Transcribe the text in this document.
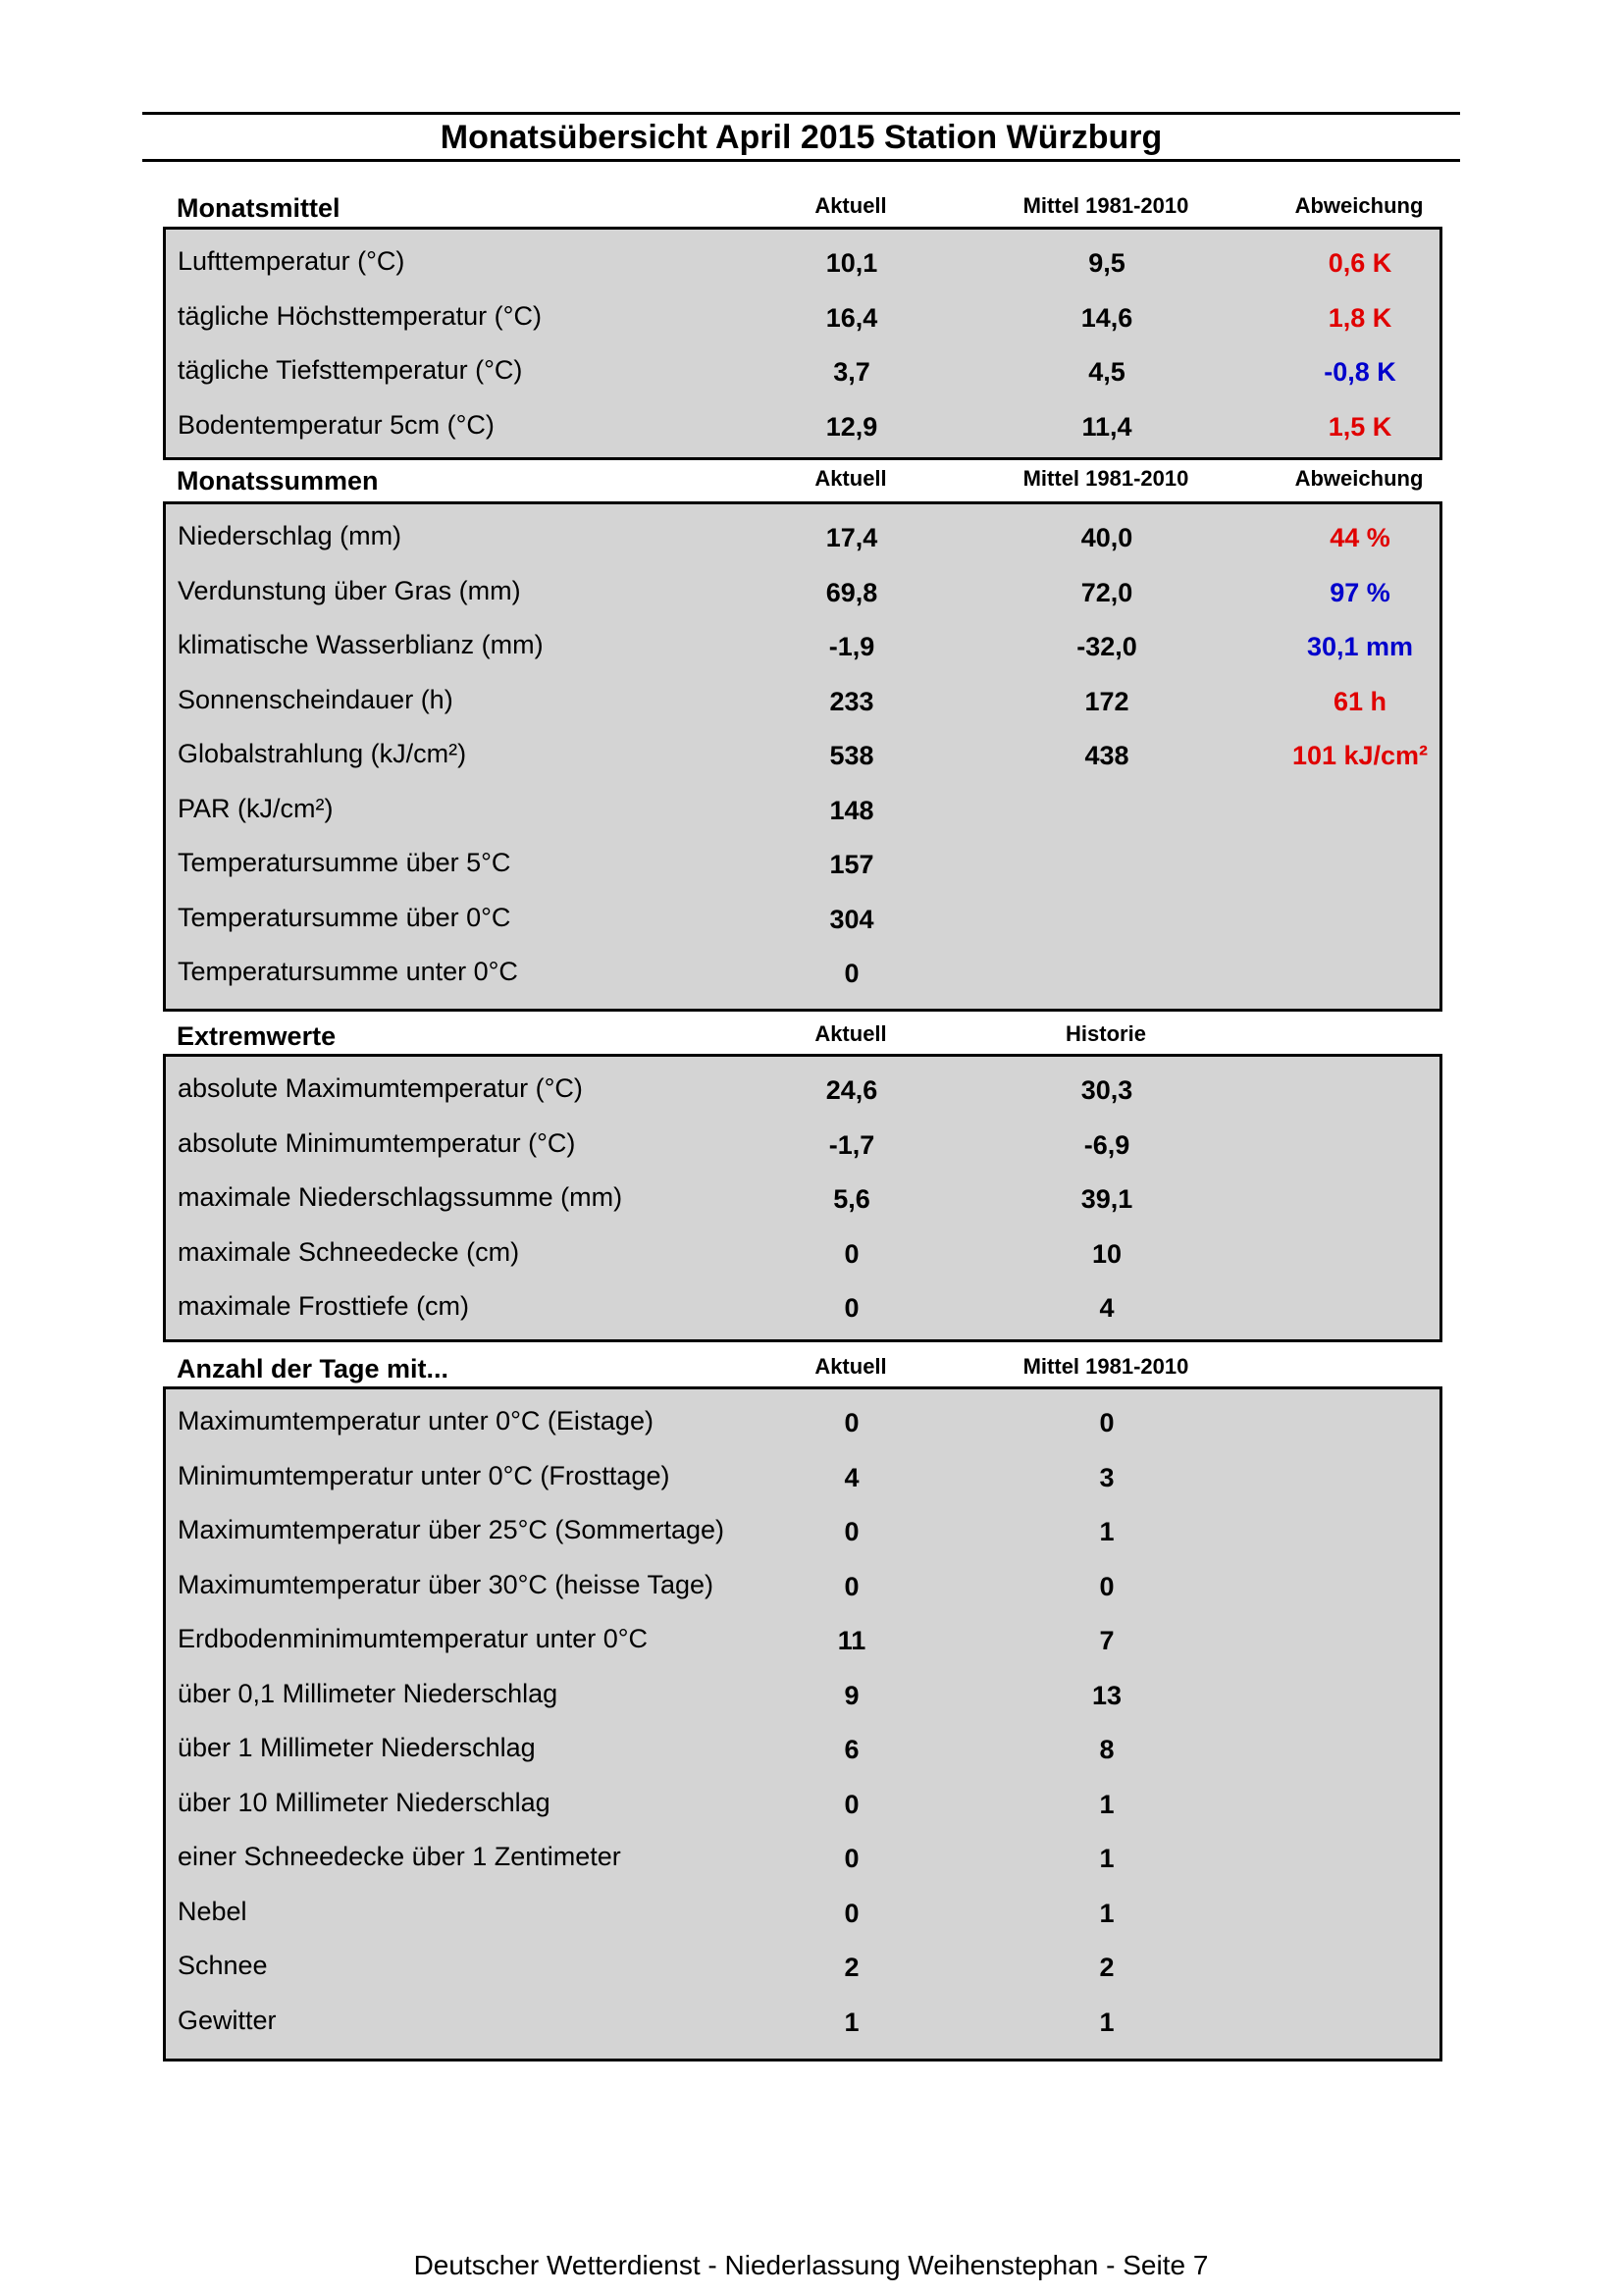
Monatsübersicht April 2015 Station Würzburg
Monatsmittel	Aktuell	Mittel 1981-2010	Abweichung
Lufttemperatur (°C)	10,1	9,5	0,6 K
tägliche Höchsttemperatur (°C)	16,4	14,6	1,8 K
tägliche Tiefsttemperatur (°C)	3,7	4,5	-0,8 K
Bodentemperatur 5cm (°C)	12,9	11,4	1,5 K
Monatssummen	Aktuell	Mittel 1981-2010	Abweichung
Niederschlag (mm)	17,4	40,0	44 %
Verdunstung über Gras (mm)	69,8	72,0	97 %
klimatische Wasserblianz (mm)	-1,9	-32,0	30,1 mm
Sonnenscheindauer (h)	233	172	61 h
Globalstrahlung (kJ/cm²)	538	438	101 kJ/cm²
PAR (kJ/cm²)	148
Temperatursumme über 5°C	157
Temperatursumme über 0°C	304
Temperatursumme unter 0°C	0
Extremwerte	Aktuell	Historie
absolute Maximumtemperatur (°C)	24,6	30,3
absolute Minimumtemperatur (°C)	-1,7	-6,9
maximale Niederschlagssumme (mm)	5,6	39,1
maximale Schneedecke (cm)	0	10
maximale Frosttiefe (cm)	0	4
Anzahl der Tage mit...	Aktuell	Mittel 1981-2010
Maximumtemperatur unter 0°C (Eistage)	0	0
Minimumtemperatur unter 0°C (Frosttage)	4	3
Maximumtemperatur über 25°C (Sommertage)	0	1
Maximumtemperatur über 30°C (heisse Tage)	0	0
Erdbodenminimumtemperatur unter 0°C	11	7
über 0,1 Millimeter Niederschlag	9	13
über 1 Millimeter Niederschlag	6	8
über 10 Millimeter Niederschlag	0	1
einer Schneedecke über 1 Zentimeter	0	1
Nebel	0	1
Schnee	2	2
Gewitter	1	1
Deutscher Wetterdienst - Niederlassung Weihenstephan - Seite 7
